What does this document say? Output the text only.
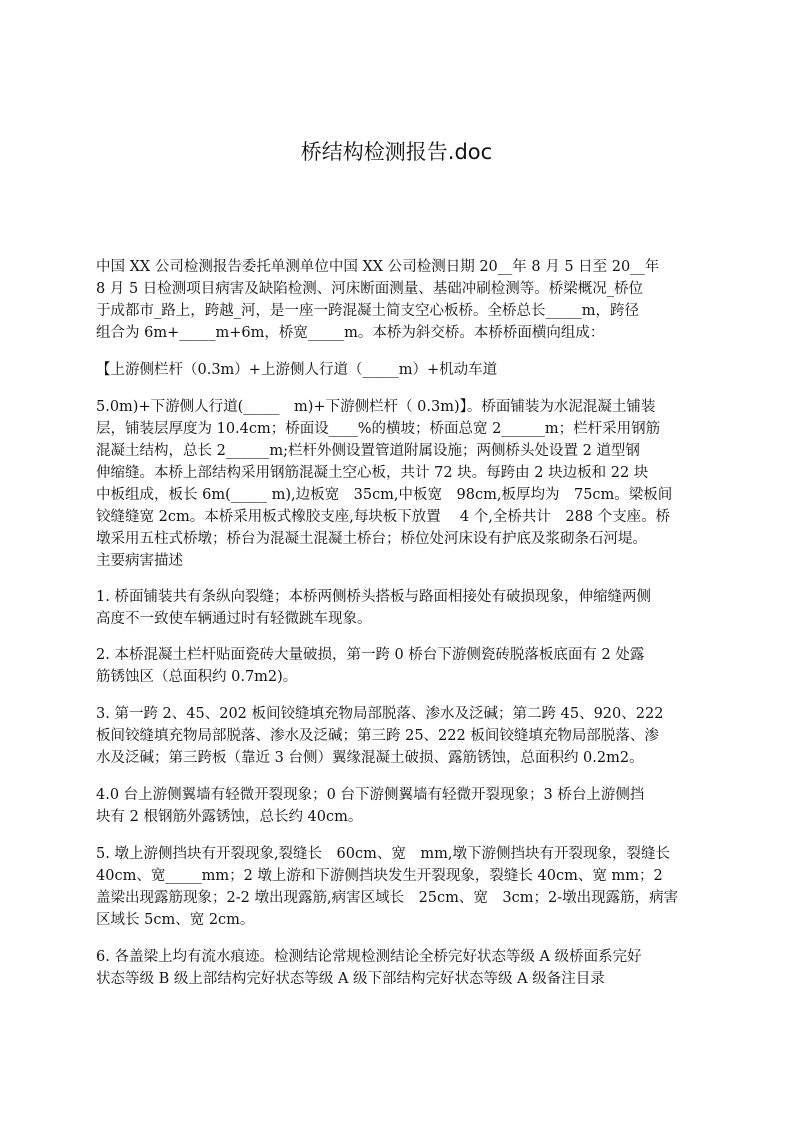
桥结构检测报告.doc

中国 XX 公司检测报告委托单测单位中国 XX 公司检测日期 20__年 8 月 5 日至 20__年
8 月 5 日检测项目病害及缺陷检测、河床断面测量、基础冲刷检测等。桥梁概况_桥位
于成都市_路上，跨越_河，是一座一跨混凝土简支空心板桥。全桥总长_____m，跨径
组合为 6m+_____m+6m，桥宽_____m。本桥为斜交桥。本桥桥面横向组成：

【上游侧栏杆（0.3m）+上游侧人行道（_____m）+机动车道

5.0m)+下游侧人行道(_____　m)+下游侧栏杆（ 0.3m)】。桥面铺装为水泥混凝土铺装
层，铺装层厚度为 10.4cm；桥面设____%的横坡；桥面总宽 2______m；栏杆采用钢筋
混凝土结构，总长 2______m;栏杆外侧设置管道附属设施；两侧桥头处设置 2 道型钢
伸缩缝。本桥上部结构采用钢筋混凝土空心板，共计 72 块。每跨由 2 块边板和 22 块
中板组成，板长 6m(_____ m),边板宽　35cm,中板宽　98cm,板厚均为　75cm。梁板间
铰缝缝宽 2cm。本桥采用板式橡胶支座,每块板下放置　 4 个,全桥共计　288 个支座。桥
墩采用五柱式桥墩；桥台为混凝土混凝土桥台；桥位处河床设有护底及浆砌条石河堤。
主要病害描述

1. 桥面铺装共有条纵向裂缝；本桥两侧桥头搭板与路面相接处有破损现象，伸缩缝两侧
高度不一致使车辆通过时有轻微跳车现象。

2. 本桥混凝土栏杆贴面瓷砖大量破损，第一跨 0 桥台下游侧瓷砖脱落板底面有 2 处露
筋锈蚀区（总面积约 0.7m2)。

3. 第一跨 2、45、202 板间铰缝填充物局部脱落、渗水及泛碱；第二跨 45、920、222
板间铰缝填充物局部脱落、渗水及泛碱；第三跨 25、222 板间铰缝填充物局部脱落、渗
水及泛碱；第三跨板（靠近 3 台侧）翼缘混凝土破损、露筋锈蚀，总面积约 0.2m2。

4.0 台上游侧翼墙有轻微开裂现象；0 台下游侧翼墙有轻微开裂现象；3 桥台上游侧挡
块有 2 根钢筋外露锈蚀，总长约 40cm。

5. 墩上游侧挡块有开裂现象,裂缝长　60cm、宽　mm,墩下游侧挡块有开裂现象，裂缝长
40cm、宽_____mm；2 墩上游和下游侧挡块发生开裂现象，裂缝长 40cm、宽 mm；2
盖梁出现露筋现象；2-2 墩出现露筋,病害区域长　25cm、宽　3cm；2-墩出现露筋，病害
区域长 5cm、宽 2cm。

6. 各盖梁上均有流水痕迹。检测结论常规检测结论全桥完好状态等级 A 级桥面系完好
状态等级 B 级上部结构完好状态等级 A 级下部结构完好状态等级 A 级备注目录
